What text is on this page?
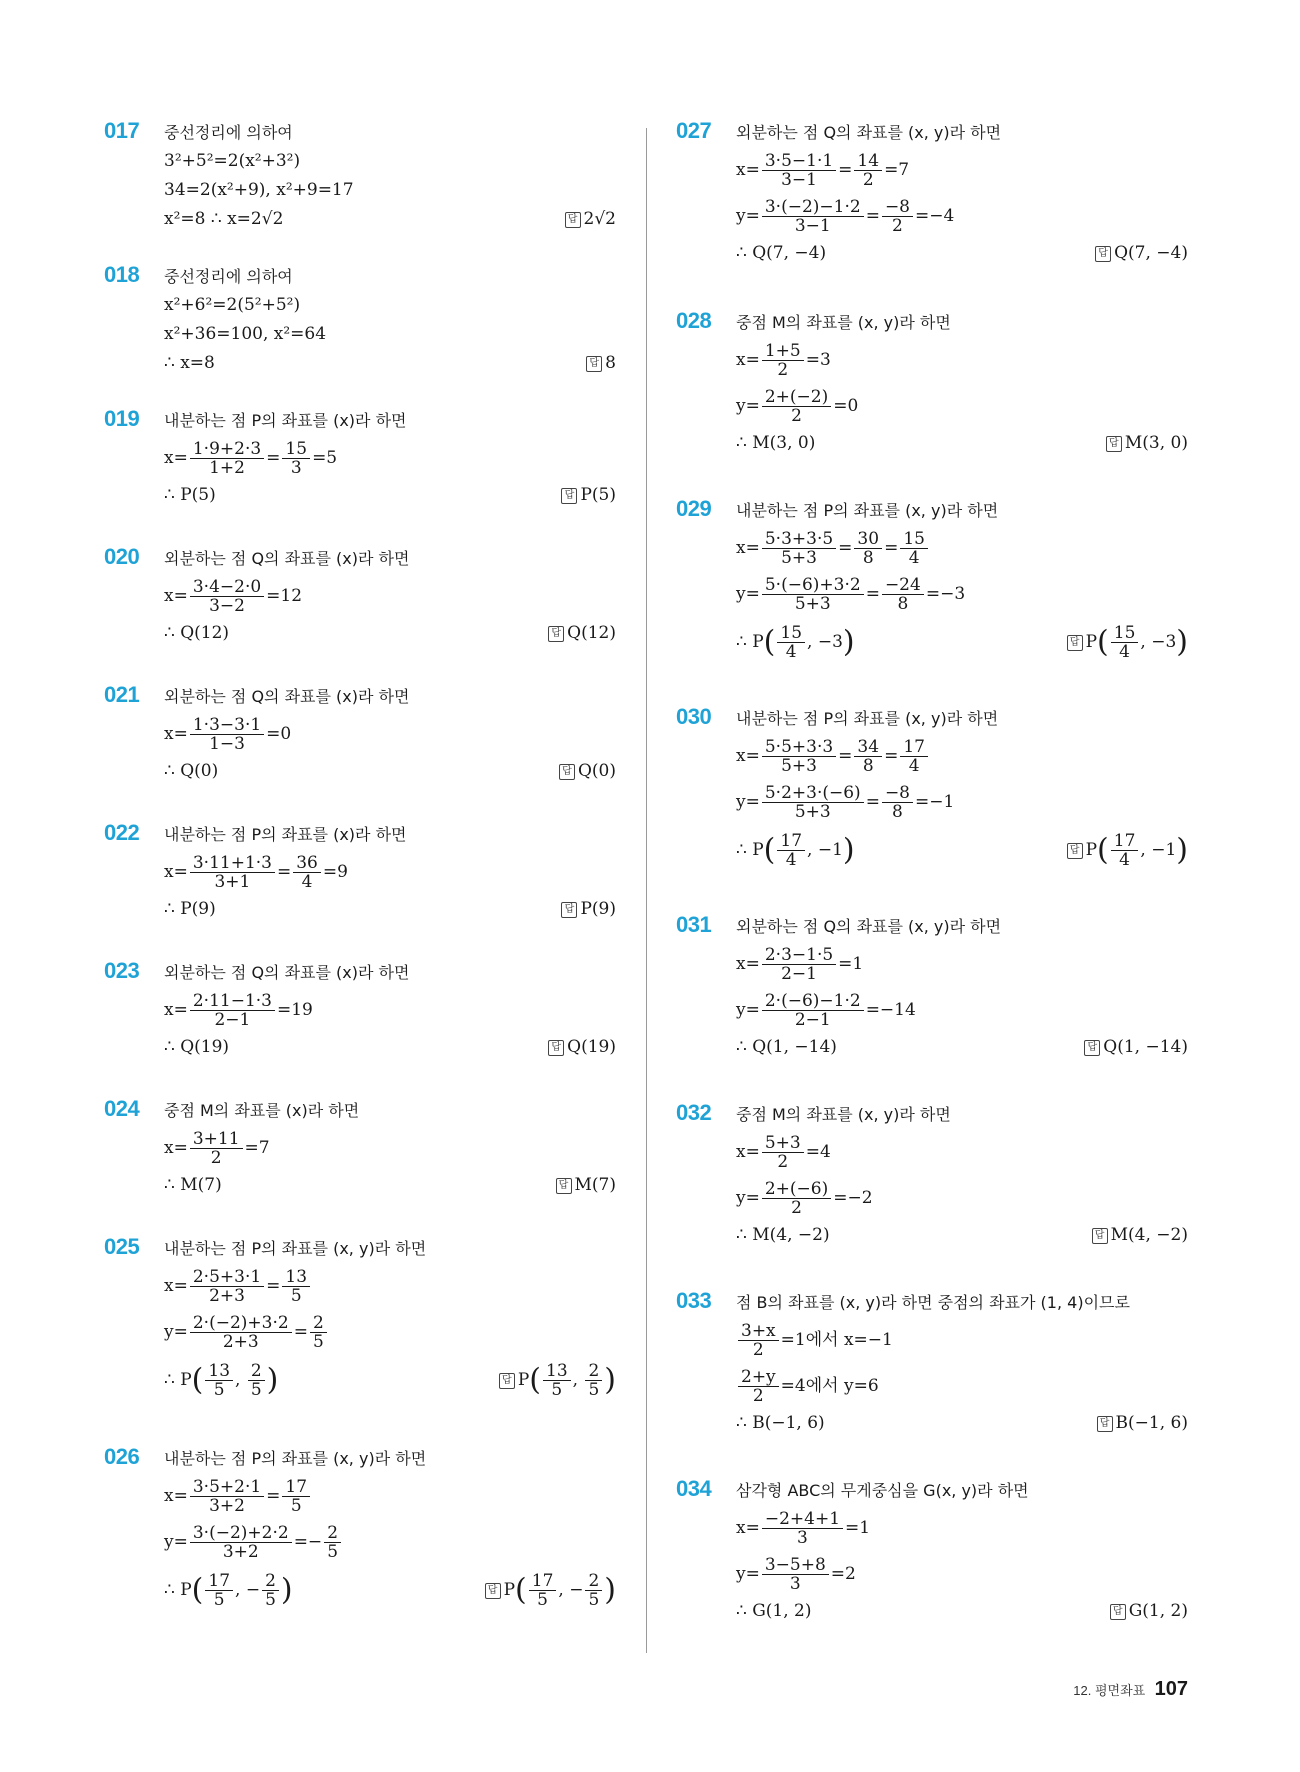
017 중선정리에 의하여
3²+5²=2(x²+3²)
34=2(x²+9), x²+9=17
x²=8 ∴ x=2√2	답 2√2
018 중선정리에 의하여
x²+6²=2(5²+5²)
x²+36=100, x²=64
∴ x=8	답 8
019 내분하는 점 P의 좌표를 (x)라 하면
$x= \frac{1\cdot 9+2\cdot 3}{1+2} = \frac{15}{3} =5$
∴ P(5)	답 P(5)
020 외분하는 점 Q의 좌표를 (x)라 하면
$x= \frac{3\cdot 4-2\cdot 0}{3-2} =12$
∴ Q(12)	답 Q(12)
021 외분하는 점 Q의 좌표를 (x)라 하면
$x= \frac{1\cdot 3-3\cdot 1}{1-3} =0$
∴ Q(0)	답 Q(0)
022 내분하는 점 P의 좌표를 (x)라 하면
$x= \frac{3\cdot 11+1\cdot 3}{3+1} = \frac{36}{4} =9$
∴ P(9)	답 P(9)
023 외분하는 점 Q의 좌표를 (x)라 하면
$x= \frac{2\cdot 11-1\cdot 3}{2-1} =19$
∴ Q(19)	답 Q(19)
024 중점 M의 좌표를 (x)라 하면
$x= \frac{3+11}{2} =7$
∴ M(7)	답 M(7)
025 내분하는 점 P의 좌표를 (x, y)라 하면
$x= \frac{2\cdot 5+3\cdot 1}{2+3} = \frac{13}{5}$
$y= \frac{2\cdot(-2)+3\cdot 2}{2+3} = \frac{2}{5}$
∴ $P( \frac{13}{5}$ , $\frac{2}{5}$ )	답 $P( \frac{13}{5}$ , $\frac{2}{5}$ )
026 내분하는 점 P의 좌표를 (x, y)라 하면
$x= \frac{3\cdot 5+2\cdot 1}{3+2} = \frac{17}{5}$
$y= \frac{3\cdot(-2)+2\cdot 2}{3+2} =- \frac{2}{5}$
∴ $P( \frac{17}{5}$ , − $\frac{2}{5}$ )	답 $P( \frac{17}{5}$ , − $\frac{2}{5}$ )
027 외분하는 점 Q의 좌표를 (x, y)라 하면
$x= \frac{3\cdot 5-1\cdot 1}{3-1} = \frac{14}{2} =7$
$y= \frac{3\cdot(-2)-1\cdot 2}{3-1} = \frac{-8}{2} =-4$
∴ Q(7, −4)	답 Q(7, −4)
028 중점 M의 좌표를 (x, y)라 하면
$x= \frac{1+5}{2} =3$
$y= \frac{2+(-2)}{2} =0$
∴ M(3, 0)	답 M(3, 0)
029 내분하는 점 P의 좌표를 (x, y)라 하면
$x= \frac{5\cdot 3+3\cdot 5}{5+3} = \frac{30}{8} = \frac{15}{4}$
$y= \frac{5\cdot(-6)+3\cdot 2}{5+3} = \frac{-24}{8} =-3$
∴ $P( \frac{15}{4}$ , −3)	답 $P( \frac{15}{4}$ , −3)
030 내분하는 점 P의 좌표를 (x, y)라 하면
$x= \frac{5\cdot 5+3\cdot 3}{5+3} = \frac{34}{8} = \frac{17}{4}$
$y= \frac{5\cdot 2+3\cdot(-6)}{5+3} = \frac{-8}{8} =-1$
∴ $P( \frac{17}{4}$ , −1)	답 $P( \frac{17}{4}$ , −1)
031 외분하는 점 Q의 좌표를 (x, y)라 하면
$x= \frac{2\cdot 3-1\cdot 5}{2-1} =1$
$y= \frac{2\cdot(-6)-1\cdot 2}{2-1} =-14$
∴ Q(1, −14)	답 Q(1, −14)
032 중점 M의 좌표를 (x, y)라 하면
$x= \frac{5+3}{2} =4$
$y= \frac{2+(-6)}{2} =-2$
∴ M(4, −2)	답 M(4, −2)
033 점 B의 좌표를 (x, y)라 하면 중점의 좌표가 (1, 4)이므로
$\frac{3+x}{2} =1$에서 x=−1
$\frac{2+y}{2} =4$에서 y=6
∴ B(−1, 6)	답 B(−1, 6)
034 삼각형 ABC의 무게중심을 G(x, y)라 하면
$x= \frac{-2+4+1}{3} =1$
$y= \frac{3-5+8}{3} =2$
∴ G(1, 2)	답 G(1, 2)
12. 평면좌표 107
